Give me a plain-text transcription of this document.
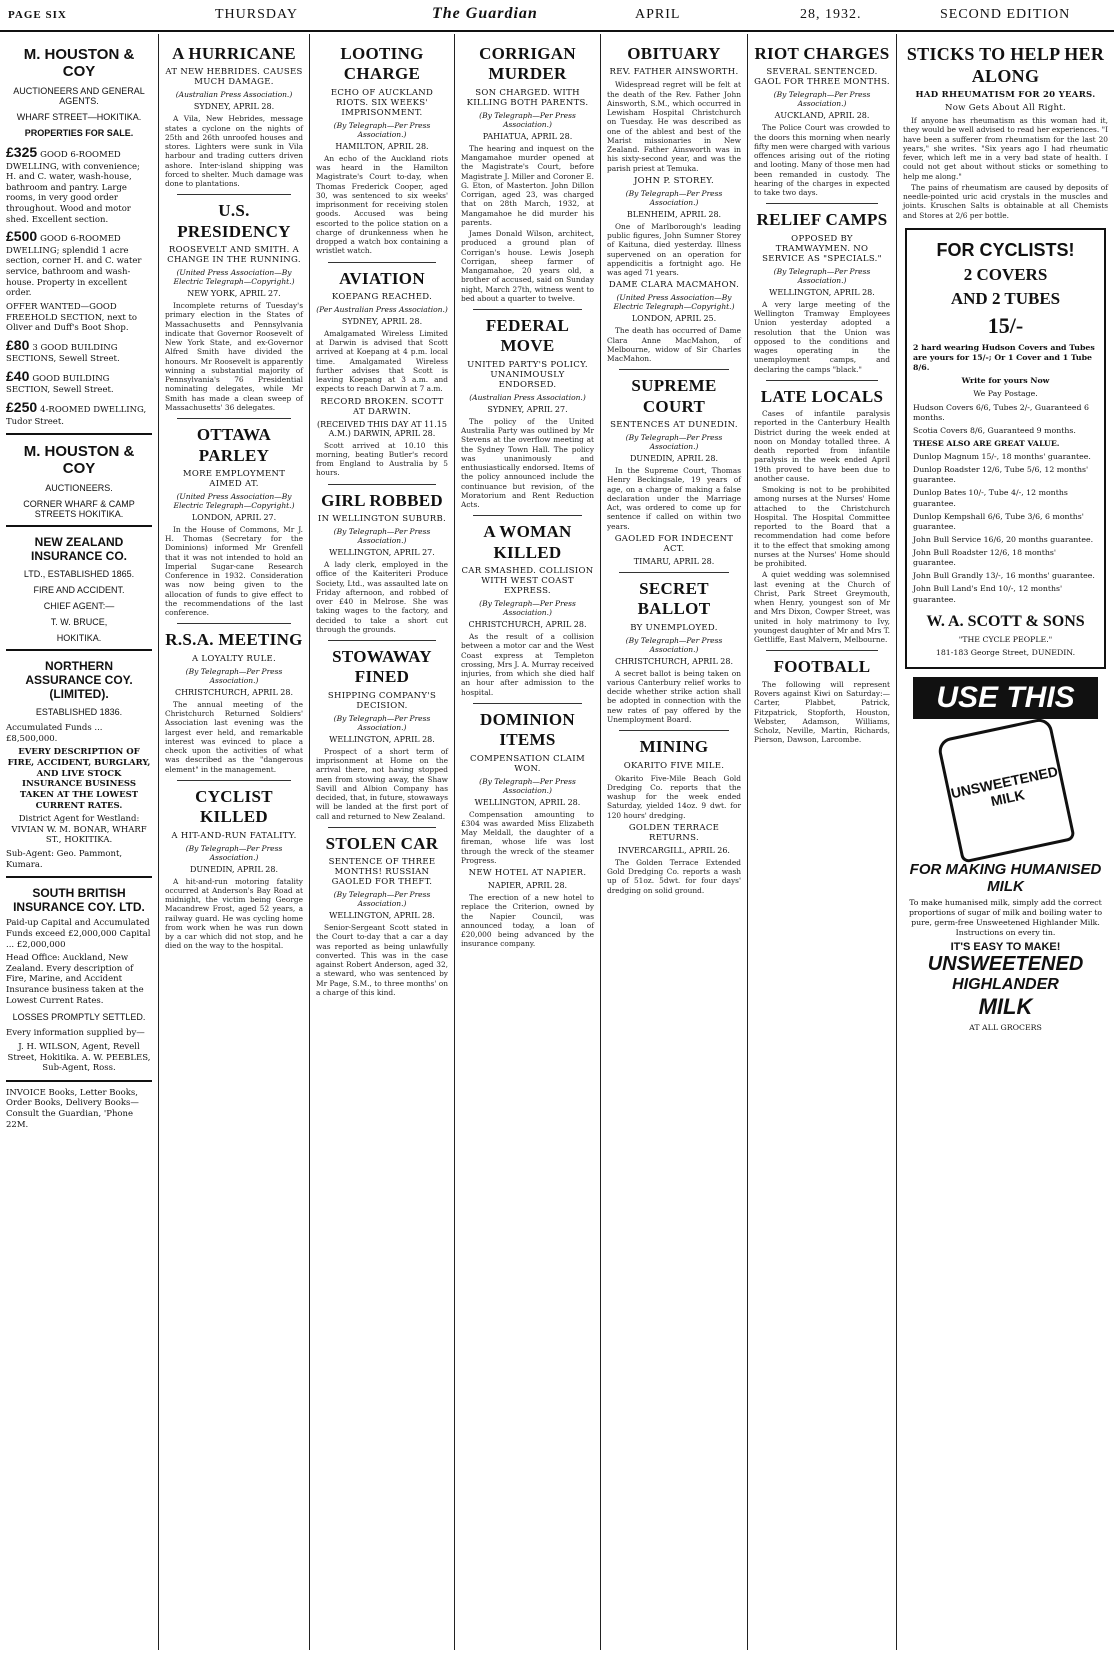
PAGE SIX	THURSDAY	The Guardian	APRIL	28, 1932.	SECOND EDITION
M. HOUSTON & COY
AUCTIONEERS AND GENERAL AGENTS.
WHARF STREET—HOKITIKA.
PROPERTIES FOR SALE.
£325 GOOD 6-ROOMED DWELLING, with convenience; H. and C. water, wash-house, bathroom and pantry. Large rooms, in very good order throughout. Wood and motor shed. Excellent section.
£500 GOOD 6-ROOMED DWELLING; splendid 1 acre section, corner H. and C. water service, bathroom and wash-house. Property in excellent order.
OFFER WANTED—GOOD FREEHOLD SECTION, next to Oliver and Duff's Boot Shop.
£80 3 GOOD BUILDING SECTIONS, Sewell Street.
£40 GOOD BUILDING SECTION, Sewell Street.
£250 4-ROOMED DWELLING, Tudor Street.
M. HOUSTON & COY
AUCTIONEERS.
CORNER WHARF & CAMP STREETS HOKITIKA.
NEW ZEALAND INSURANCE CO.
LTD., ESTABLISHED 1865.
FIRE AND ACCIDENT.
CHIEF AGENT:—
T. W. BRUCE,
HOKITIKA.
NORTHERN ASSURANCE COY. (LIMITED).
ESTABLISHED 1836.
Accumulated Funds ... £8,500,000.
EVERY DESCRIPTION OF FIRE, ACCIDENT, BURGLARY, AND LIVE STOCK INSURANCE BUSINESS TAKEN AT THE LOWEST CURRENT RATES.
District Agent for Westland: VIVIAN W. M. BONAR, WHARF ST., HOKITIKA.
Sub-Agent: Geo. Pammont, Kumara.
SOUTH BRITISH INSURANCE COY. LTD.
Paid-up Capital and Accumulated Funds exceed £2,000,000 Capital ... £2,000,000
Head Office: Auckland, New Zealand. Every description of Fire, Marine, and Accident Insurance business taken at the Lowest Current Rates.
LOSSES PROMPTLY SETTLED.
Every information supplied by—
J. H. WILSON, Agent, Revell Street, Hokitika. A. W. PEEBLES, Sub-Agent, Ross.
INVOICE Books, Letter Books, Order Books, Delivery Books—Consult the Guardian, 'Phone 22M.
A HURRICANE
AT NEW HEBRIDES. CAUSES MUCH DAMAGE.
(Australian Press Association.)
SYDNEY, APRIL 28.

A Vila, New Hebrides, message states a cyclone on the nights of 25th and 26th unroofed houses and stores. Lighters were sunk in Vila harbour and trading cutters driven ashore. Inter-island shipping was forced to shelter. Much damage was done to plantations.

U.S. PRESIDENCY
ROOSEVELT AND SMITH. A CHANGE IN THE RUNNING.
(United Press Association—By Electric Telegraph—Copyright.)
NEW YORK, APRIL 27.

Incomplete returns of Tuesday's primary election in the States of Massachusetts and Pennsylvania indicate that Governor Roosevelt of New York State, and ex-Governor Alfred Smith have divided the honours. Mr Roosevelt is apparently winning a substantial majority of Pennsylvania's 76 Presidential nominating delegates, while Mr Smith has made a clean sweep of Massachusetts' 36 delegates.

OTTAWA PARLEY
MORE EMPLOYMENT AIMED AT.
(United Press Association—By Electric Telegraph—Copyright.)
LONDON, APRIL 27.

In the House of Commons, Mr J. H. Thomas (Secretary for the Dominions) informed Mr Grenfell that it was not intended to hold an Imperial Sugar-cane Research Conference in 1932. Consideration was now being given to the allocation of funds to give effect to the recommendations of the last conference.

R.S.A. MEETING
A LOYALTY RULE.
(By Telegraph—Per Press Association.)
CHRISTCHURCH, APRIL 28.

The annual meeting of the Christchurch Returned Soldiers' Association last evening was the largest ever held, and remarkable interest was evinced to place a check upon the activities of what was described as the "dangerous element" in the management.

CYCLIST KILLED
A HIT-AND-RUN FATALITY.
(By Telegraph—Per Press Association.)
DUNEDIN, APRIL 28.

A hit-and-run motoring fatality occurred at Anderson's Bay Road at midnight, the victim being George Macandrew Frost, aged 52 years, a railway guard. He was cycling home from work when he was run down by a car which did not stop, and he died on the way to the hospital.

LOOTING CHARGE
ECHO OF AUCKLAND RIOTS. SIX WEEKS' IMPRISONMENT.
(By Telegraph—Per Press Association.)
HAMILTON, APRIL 28.

An echo of the Auckland riots was heard in the Hamilton Magistrate's Court to-day, when Thomas Frederick Cooper, aged 30, was sentenced to six weeks' imprisonment for receiving stolen goods. Accused was being escorted to the police station on a charge of drunkenness when he dropped a watch box containing a wristlet watch.

AVIATION
KOEPANG REACHED.
(Per Australian Press Association.)
SYDNEY, APRIL 28.

Amalgamated Wireless Limited at Darwin is advised that Scott arrived at Koepang at 4 p.m. local time. Amalgamated Wireless further advises that Scott is leaving Koepang at 3 a.m. and expects to reach Darwin at 7 a.m.

RECORD BROKEN. SCOTT AT DARWIN.
(RECEIVED THIS DAY AT 11.15 A.M.) DARWIN, APRIL 28.

Scott arrived at 10.10 this morning, beating Butler's record from England to Australia by 5 hours.

GIRL ROBBED
IN WELLINGTON SUBURB.
(By Telegraph—Per Press Association.)
WELLINGTON, APRIL 27.

A lady clerk, employed in the office of the Kaiteriteri Produce Society, Ltd., was assaulted late on Friday afternoon, and robbed of over £40 in Melrose. She was taking wages to the factory, and decided to take a short cut through the grounds.

STOWAWAY FINED
SHIPPING COMPANY'S DECISION.
(By Telegraph—Per Press Association.)
WELLINGTON, APRIL 28.

Prospect of a short term of imprisonment at Home on the arrival there, not having stopped men from stowing away, the Shaw Savill and Albion Company has decided, that, in future, stowaways will be landed at the first port of call and returned to New Zealand.

STOLEN CAR
SENTENCE OF THREE MONTHS! RUSSIAN GAOLED FOR THEFT.
(By Telegraph—Per Press Association.)
WELLINGTON, APRIL 28.

Senior-Sergeant Scott stated in the Court to-day that a car a day was reported as being unlawfully converted. This was in the case against Robert Anderson, aged 32, a steward, who was sentenced by Mr Page, S.M., to three months' on a charge of this kind.

CORRIGAN MURDER
SON CHARGED. WITH KILLING BOTH PARENTS.
(By Telegraph—Per Press Association.)
PAHIATUA, APRIL 28.

The hearing and inquest on the Mangamahoe murder opened at the Magistrate's Court, before Magistrate J. Miller and Coroner E. G. Eton, of Masterton. John Dillon Corrigan, aged 23, was charged that on 28th March, 1932, at Mangamahoe he did murder his parents.

James Donald Wilson, architect, produced a ground plan of Corrigan's house. Lewis Joseph Corrigan, sheep farmer of Mangamahoe, 20 years old, a brother of accused, said on Sunday night, March 27th, witness went to bed about a quarter to twelve.

FEDERAL MOVE
UNITED PARTY'S POLICY. UNANIMOUSLY ENDORSED.
(Australian Press Association.)
SYDNEY, APRIL 27.

The policy of the United Australia Party was outlined by Mr Stevens at the overflow meeting at the Sydney Town Hall. The policy was unanimously and enthusiastically endorsed. Items of the policy announced include the continuance but revision, of the Moratorium and Rent Reduction Acts.

A WOMAN KILLED
CAR SMASHED. COLLISION WITH WEST COAST EXPRESS.
(By Telegraph—Per Press Association.)
CHRISTCHURCH, APRIL 28.

As the result of a collision between a motor car and the West Coast express at Templeton crossing, Mrs J. A. Murray received injuries, from which she died half an hour after admission to the hospital.

DOMINION ITEMS
COMPENSATION CLAIM WON.
(By Telegraph—Per Press Association.)
WELLINGTON, APRIL 28.

Compensation amounting to £304 was awarded Miss Elizabeth May Meldall, the daughter of a fireman, whose life was lost through the wreck of the steamer Progress.

NEW HOTEL AT NAPIER.
NAPIER, APRIL 28.

The erection of a new hotel to replace the Criterion, owned by the Napier Council, was announced today, a loan of £20,000 being advanced by the insurance company.

OBITUARY
REV. FATHER AINSWORTH.

Widespread regret will be felt at the death of the Rev. Father John Ainsworth, S.M., which occurred in Lewisham Hospital Christchurch on Tuesday. He was described as one of the ablest and best of the Marist missionaries in New Zealand. Father Ainsworth was in his sixty-second year, and was the parish priest at Temuka.

JOHN P. STOREY.
(By Telegraph—Per Press Association.)
BLENHEIM, APRIL 28.

One of Marlborough's leading public figures, John Sumner Storey of Kaituna, died yesterday. Illness supervened on an operation for appendicitis a fortnight ago. He was aged 71 years.

DAME CLARA MACMAHON.
(United Press Association—By Electric Telegraph—Copyright.)
LONDON, APRIL 25.

The death has occurred of Dame Clara Anne MacMahon, of Melbourne, widow of Sir Charles MacMahon.

SUPREME COURT
SENTENCES AT DUNEDIN.
(By Telegraph—Per Press Association.)
DUNEDIN, APRIL 28.

In the Supreme Court, Thomas Henry Beckingsale, 19 years of age, on a charge of making a false declaration under the Marriage Act, was ordered to come up for sentence if called on within two years.

GAOLED FOR INDECENT ACT.
TIMARU, APRIL 28.
SECRET BALLOT
BY UNEMPLOYED.
(By Telegraph—Per Press Association.)
CHRISTCHURCH, APRIL 28.

A secret ballot is being taken on various Canterbury relief works to decide whether strike action shall be adopted in connection with the new rates of pay offered by the Unemployment Board.

MINING
OKARITO FIVE MILE.

Okarito Five-Mile Beach Gold Dredging Co. reports that the washup for the week ended Saturday, yielded 14oz. 9 dwt. for 120 hours' dredging.

GOLDEN TERRACE RETURNS.
INVERCARGILL, APRIL 26.

The Golden Terrace Extended Gold Dredging Co. reports a wash up of 51oz. 5dwt. for four days' dredging on solid ground.

RIOT CHARGES
SEVERAL SENTENCED. GAOL FOR THREE MONTHS.
(By Telegraph—Per Press Association.)
AUCKLAND, APRIL 28.

The Police Court was crowded to the doors this morning when nearly fifty men were charged with various offences arising out of the rioting and looting. Many of those men had been remanded in custody. The hearing of the charges in expected to take two days.

RELIEF CAMPS
OPPOSED BY TRAMWAYMEN. NO SERVICE AS "SPECIALS."
(By Telegraph—Per Press Association.)
WELLINGTON, APRIL 28.

A very large meeting of the Wellington Tramway Employees Union yesterday adopted a resolution that the Union was opposed to the conditions and wages operating in the unemployment camps, and declaring the camps "black."

LATE LOCALS

Cases of infantile paralysis reported in the Canterbury Health District during the week ended at noon on Monday totalled three. A death reported from infantile paralysis in the week ended April 19th proved to have been due to another cause.

Smoking is not to be prohibited among nurses at the Nurses' Home attached to the Christchurch Hospital. The Hospital Committee reported to the Board that a recommendation had come before it to the effect that smoking among nurses at the Nurses' Home should be prohibited.

A quiet wedding was solemnised last evening at the Church of Christ, Park Street Greymouth, when Henry, youngest son of Mr and Mrs Dixon, Cowper Street, was united in holy matrimony to Ivy, youngest daughter of Mr and Mrs T. Gettliffe, East Malvern, Melbourne.

FOOTBALL

The following will represent Rovers against Kiwi on Saturday:—Carter, Plabbet, Patrick, Fitzpatrick, Stopforth, Houston, Webster, Adamson, Williams, Scholz, Neville, Martin, Richards, Pierson, Dawson, Larcombe.

STICKS TO HELP HER ALONG
HAD RHEUMATISM FOR 20 YEARS.
Now Gets About All Right.

If anyone has rheumatism as this woman had it, they would be well advised to read her experiences. "I have been a sufferer from rheumatism for the last 20 years," she writes. "Six years ago I had rheumatic fever, which left me in a very bad state of health. I could not get about without sticks or something to help me along."

The pains of rheumatism are caused by deposits of needle-pointed uric acid crystals in the muscles and joints. Kruschen Salts is obtainable at all Chemists and Stores at 2/6 per bottle.

FOR CYCLISTS!
2 COVERS
AND 2 TUBES
15/-
2 hard wearing Hudson Covers and Tubes are yours for 15/-; Or 1 Cover and 1 Tube 8/6.
Write for yours Now
We Pay Postage.
Hudson Covers 6/6, Tubes 2/-, Guaranteed 6 months.
Scotia Covers 8/6, Guaranteed 9 months.
THESE ALSO ARE GREAT VALUE.
Dunlop Magnum 15/-, 18 months' guarantee.
Dunlop Roadster 12/6, Tube 5/6, 12 months' guarantee.
Dunlop Bates 10/-, Tube 4/-, 12 months guarantee.
Dunlop Kempshall 6/6, Tube 3/6, 6 months' guarantee.
John Bull Service 16/6, 20 months guarantee.
John Bull Roadster 12/6, 18 months' guarantee.
John Bull Grandly 13/-, 16 months' guarantee.
John Bull Land's End 10/-, 12 months' guarantee.
W. A. SCOTT & SONS
"THE CYCLE PEOPLE."
181-183 George Street, DUNEDIN.
USE THIS
UNSWEETENED MILK
FOR MAKING HUMANISED MILK
To make humanised milk, simply add the correct proportions of sugar of milk and boiling water to pure, germ-free Unsweetened Highlander Milk. Instructions on every tin.
IT'S EASY TO MAKE!
UNSWEETENED
HIGHLANDER
MILK
AT ALL GROCERS
